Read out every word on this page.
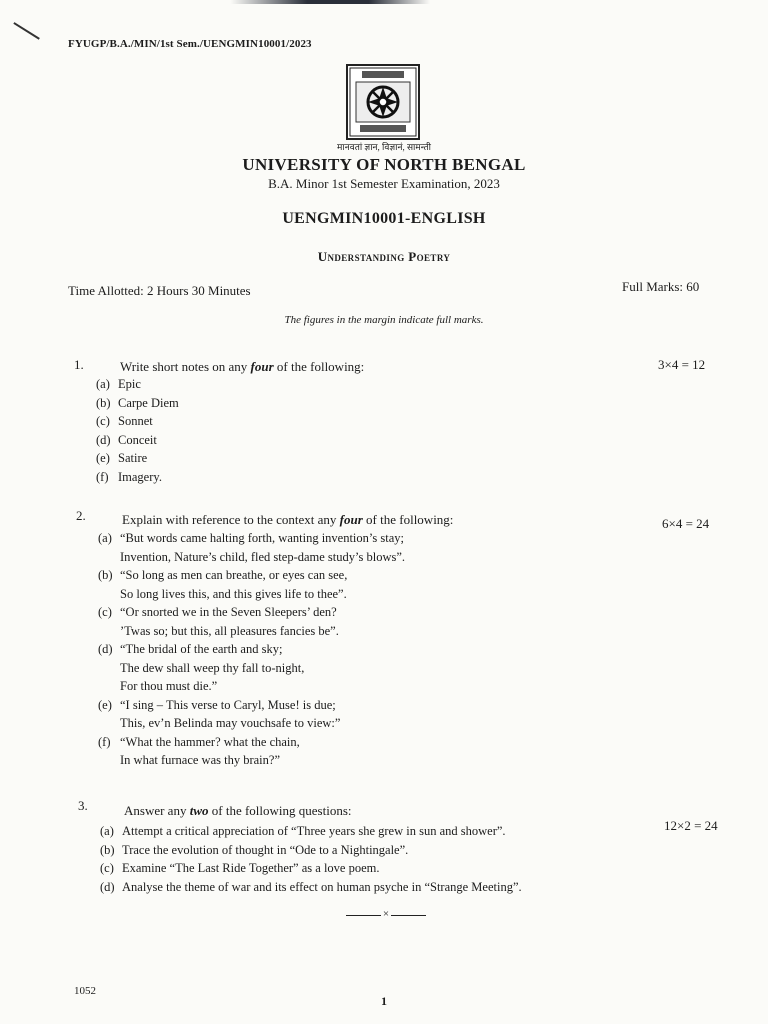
FYUGP/B.A./MIN/1st Sem./UENGMIN10001/2023
मानवतां ज्ञान, विज्ञानं, सामन्ती
UNIVERSITY OF NORTH BENGAL
B.A. Minor 1st Semester Examination, 2023
UENGMIN10001-ENGLISH
Understanding Poetry
Time Allotted: 2 Hours 30 Minutes	Full Marks: 60
The figures in the margin indicate full marks.
1.	Write short notes on any four of the following:	3×4 = 12
(a) Epic
(b) Carpe Diem
(c) Sonnet
(d) Conceit
(e) Satire
(f) Imagery.
2.	Explain with reference to the context any four of the following:	6×4 = 24
(a) “But words came halting forth, wanting invention’s stay;
Invention, Nature’s child, fled step-dame study’s blows”.
(b) “So long as men can breathe, or eyes can see,
So long lives this, and this gives life to thee”.
(c) “Or snorted we in the Seven Sleepers’ den?
’Twas so; but this, all pleasures fancies be”.
(d) “The bridal of the earth and sky;
The dew shall weep thy fall to-night,
For thou must die.”
(e) “I sing – This verse to Caryl, Muse! is due;
This, ev’n Belinda may vouchsafe to view:”
(f) “What the hammer? what the chain,
In what furnace was thy brain?”
3.	Answer any two of the following questions:
12×2 = 24
(a) Attempt a critical appreciation of “Three years she grew in sun and shower”.
(b) Trace the evolution of thought in “Ode to a Nightingale”.
(c) Examine “The Last Ride Together” as a love poem.
(d) Analyse the theme of war and its effect on human psyche in “Strange Meeting”.
×
1052
1
